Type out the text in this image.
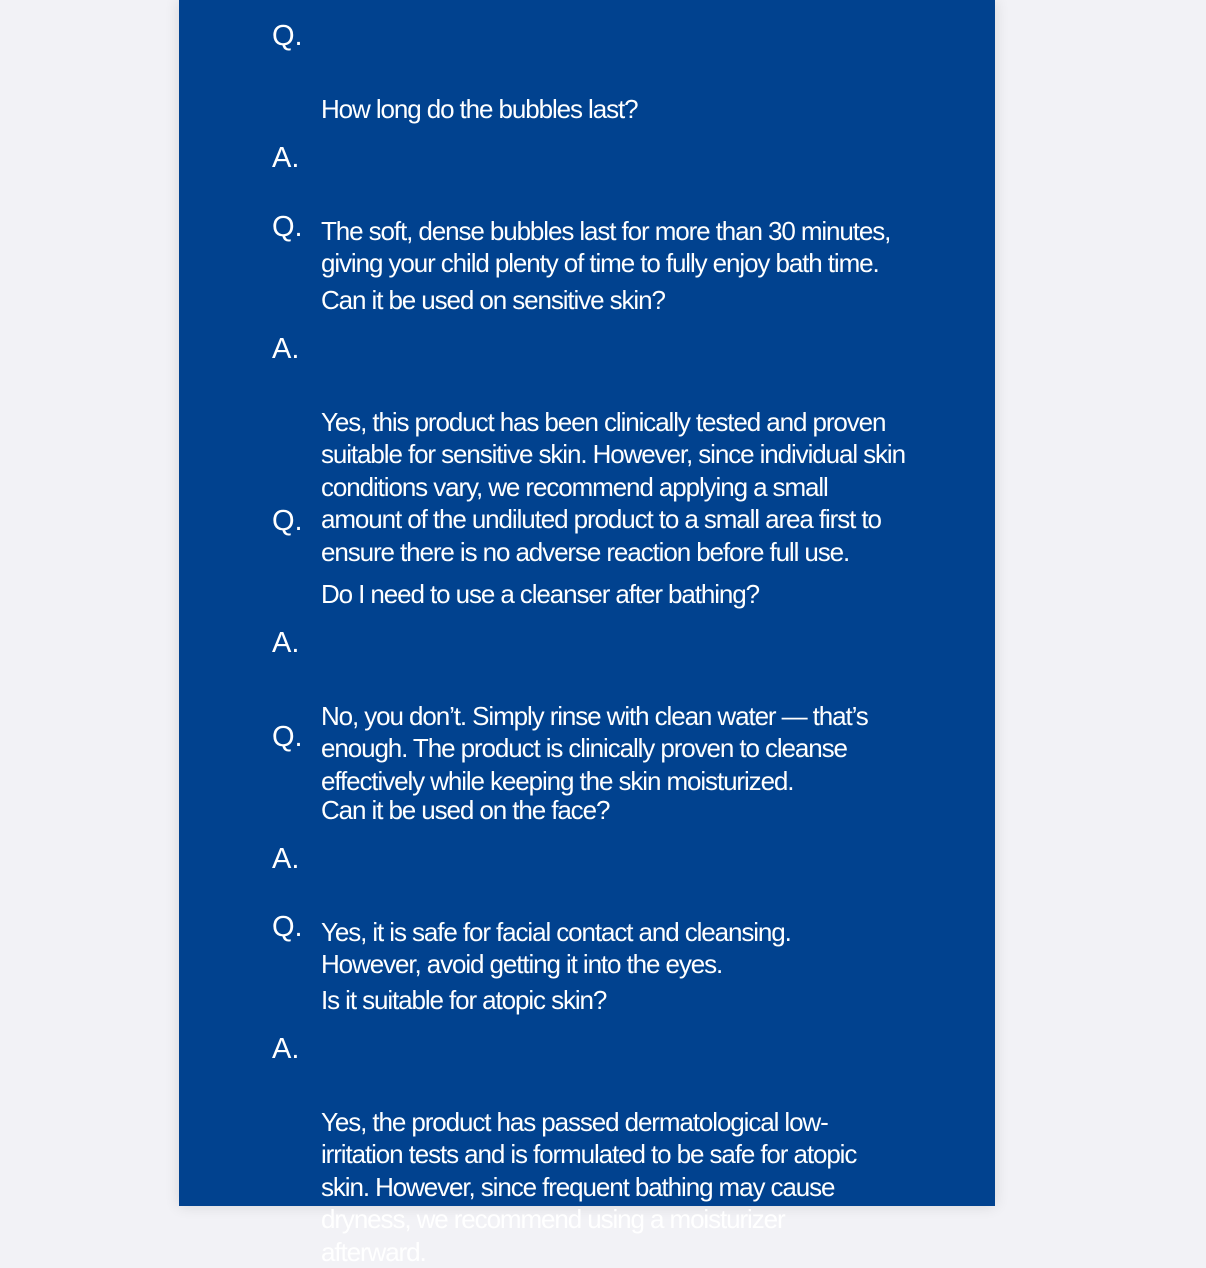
Q.

How long do the bubbles last?

A.

The soft, dense bubbles last for more than 30 minutes,
giving your child plenty of time to fully enjoy bath time.

Q.

Can it be used on sensitive skin?

A.

Yes, this product has been clinically tested and proven
suitable for sensitive skin. However, since individual skin
conditions vary, we recommend applying a small
amount of the undiluted product to a small area first to
ensure there is no adverse reaction before full use.

Q.

Do I need to use a cleanser after bathing?

A.

No, you don’t. Simply rinse with clean water — that’s
enough. The product is clinically proven to cleanse
effectively while keeping the skin moisturized.

Q.

Can it be used on the face?

A.

Yes, it is safe for facial contact and cleansing.
However, avoid getting it into the eyes.

Q.

Is it suitable for atopic skin?

A.

Yes, the product has passed dermatological low-
irritation tests and is formulated to be safe for atopic
skin. However, since frequent bathing may cause
dryness, we recommend using a moisturizer
afterward.
